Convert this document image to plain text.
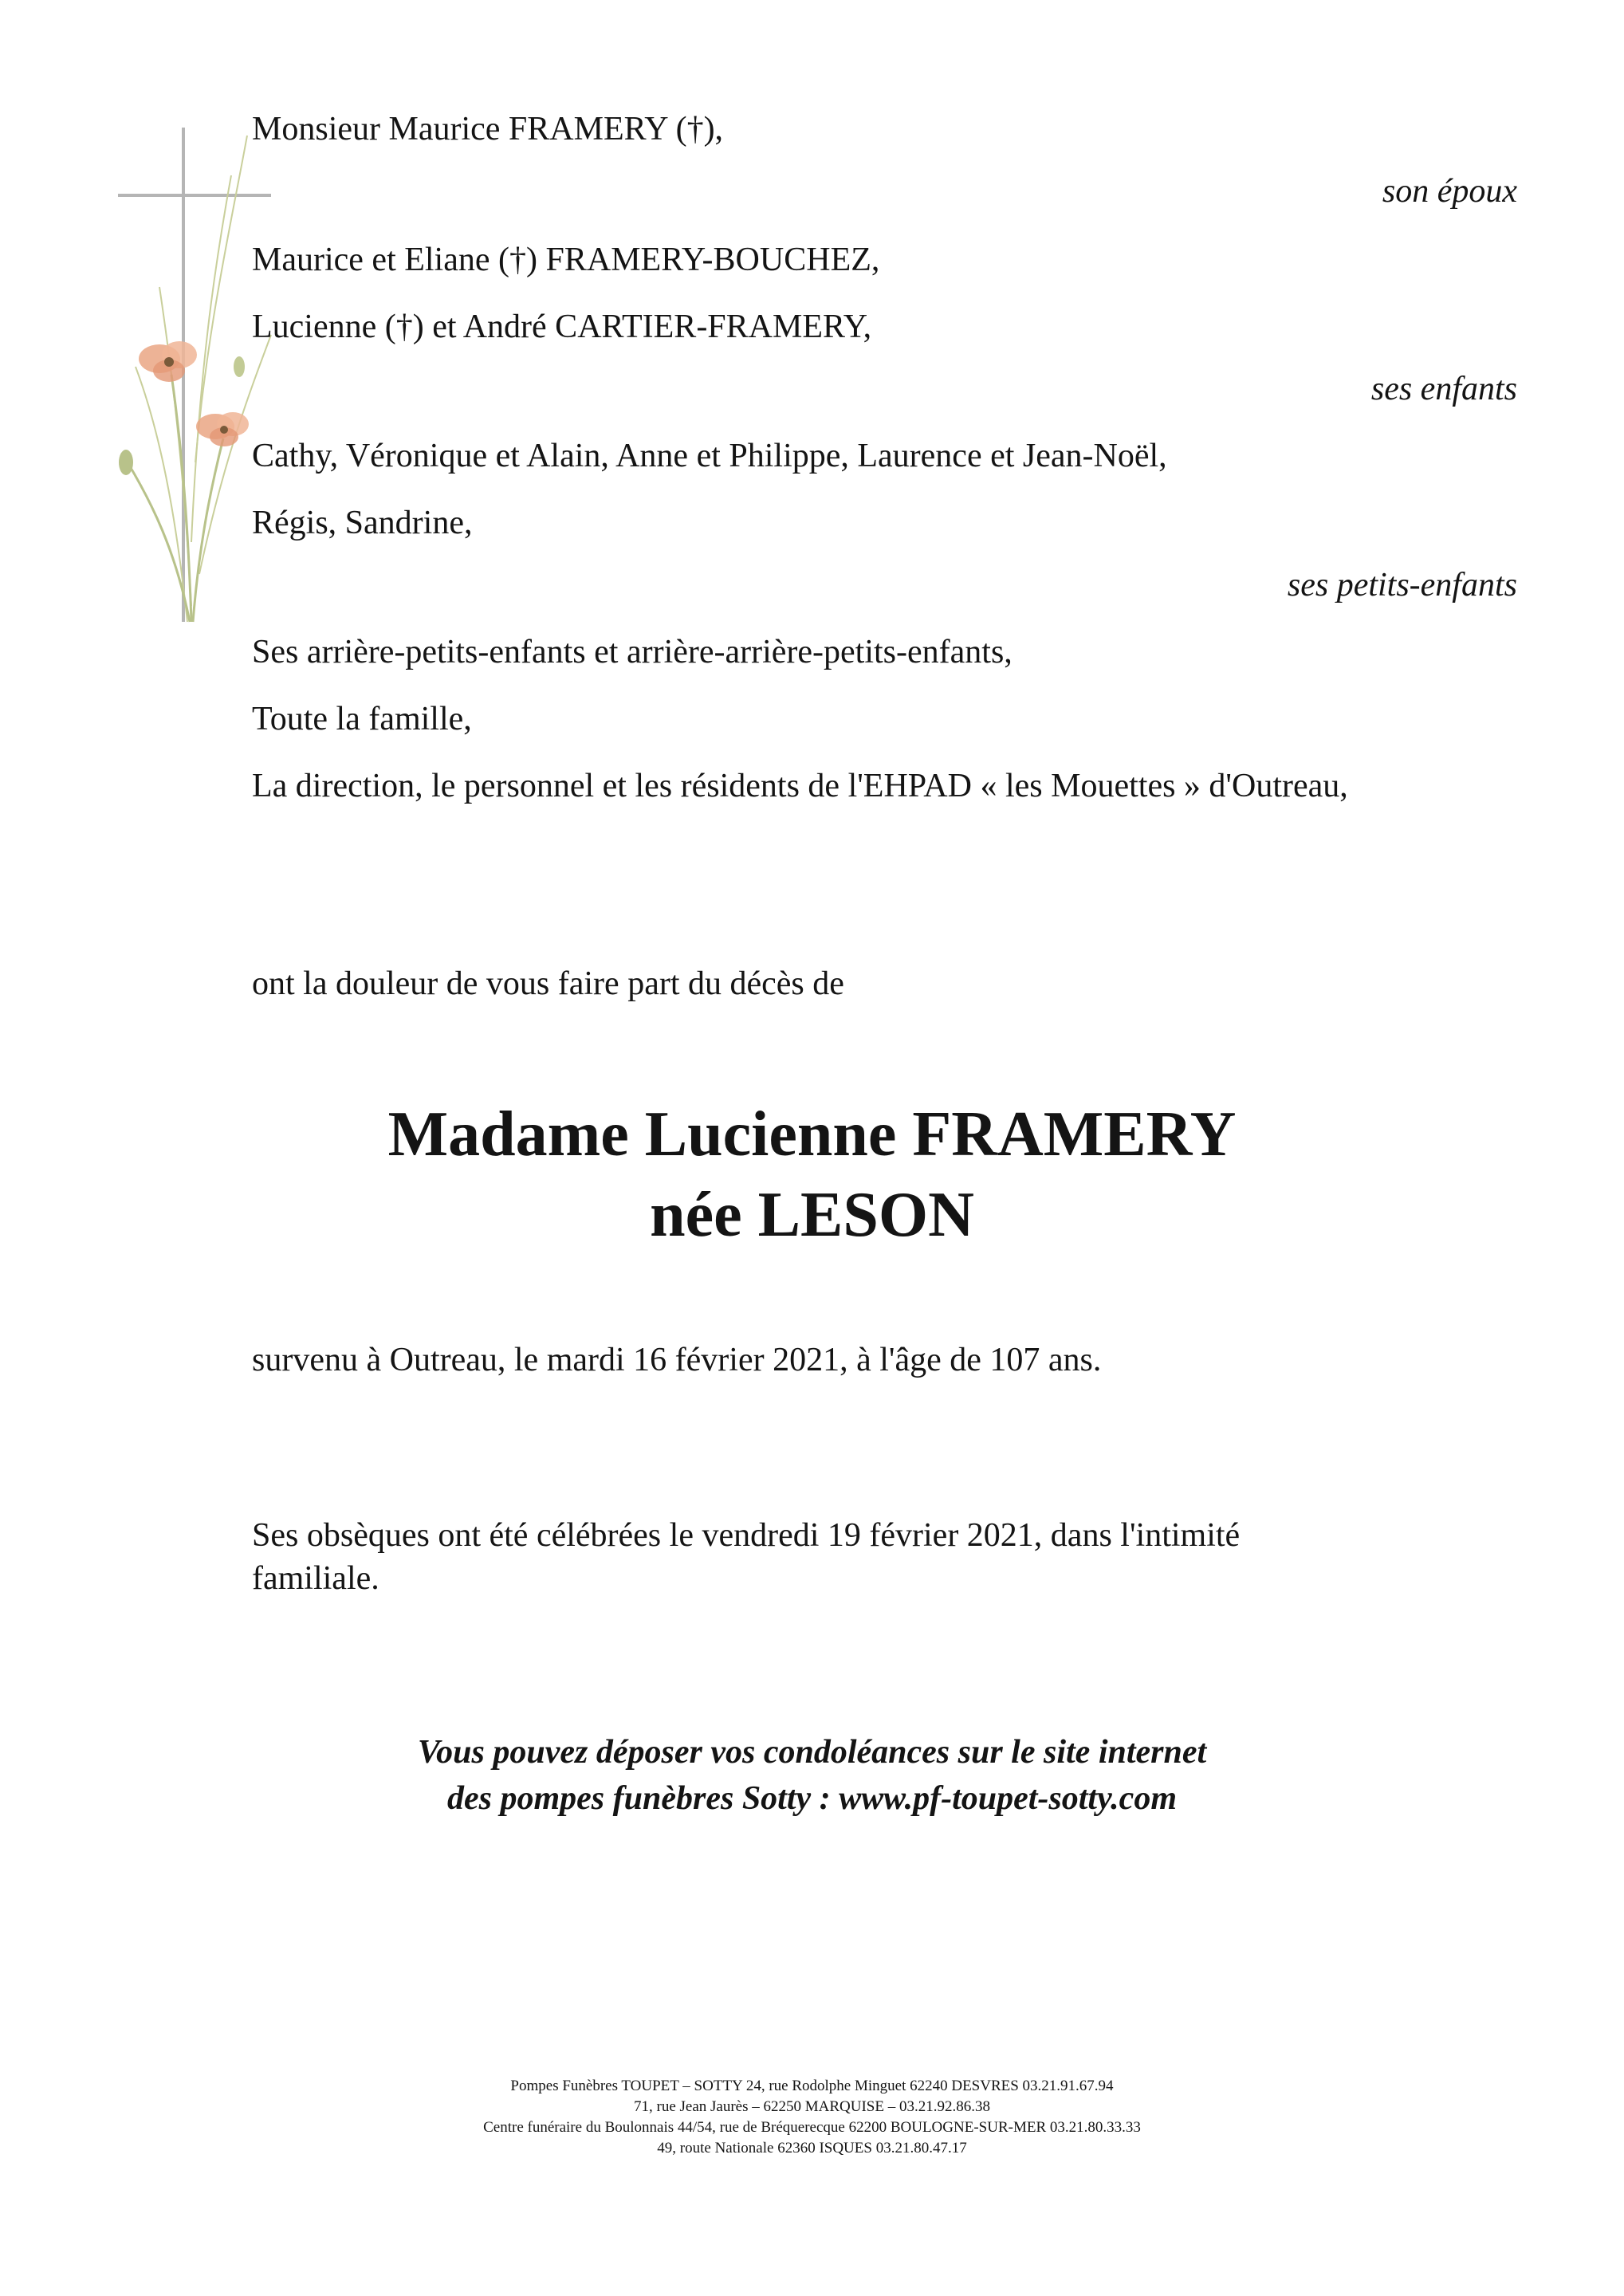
Monsieur Maurice FRAMERY (†),
son époux
Maurice et Eliane (†) FRAMERY-BOUCHEZ,
Lucienne (†) et André CARTIER-FRAMERY,
ses enfants
Cathy, Véronique et Alain, Anne et Philippe, Laurence et Jean-Noël,
Régis, Sandrine,
ses petits-enfants
Ses arrière-petits-enfants et arrière-arrière-petits-enfants,
Toute la famille,
La direction, le personnel et les résidents de l'EHPAD « les Mouettes » d'Outreau,
ont la douleur de vous faire part du décès de
Madame Lucienne FRAMERY
née LESON
survenu à Outreau, le mardi 16 février 2021, à l'âge de 107 ans.
Ses obsèques ont été célébrées le vendredi 19 février 2021, dans l'intimité
familiale.
Vous pouvez déposer vos condoléances sur le site internet
des pompes funèbres Sotty : www.pf-toupet-sotty.com
Pompes Funèbres TOUPET – SOTTY 24, rue Rodolphe Minguet 62240 DESVRES 03.21.91.67.94
71, rue Jean Jaurès – 62250 MARQUISE – 03.21.92.86.38
Centre funéraire du Boulonnais 44/54, rue de Bréquerecque 62200 BOULOGNE-SUR-MER 03.21.80.33.33
49, route Nationale 62360 ISQUES 03.21.80.47.17
